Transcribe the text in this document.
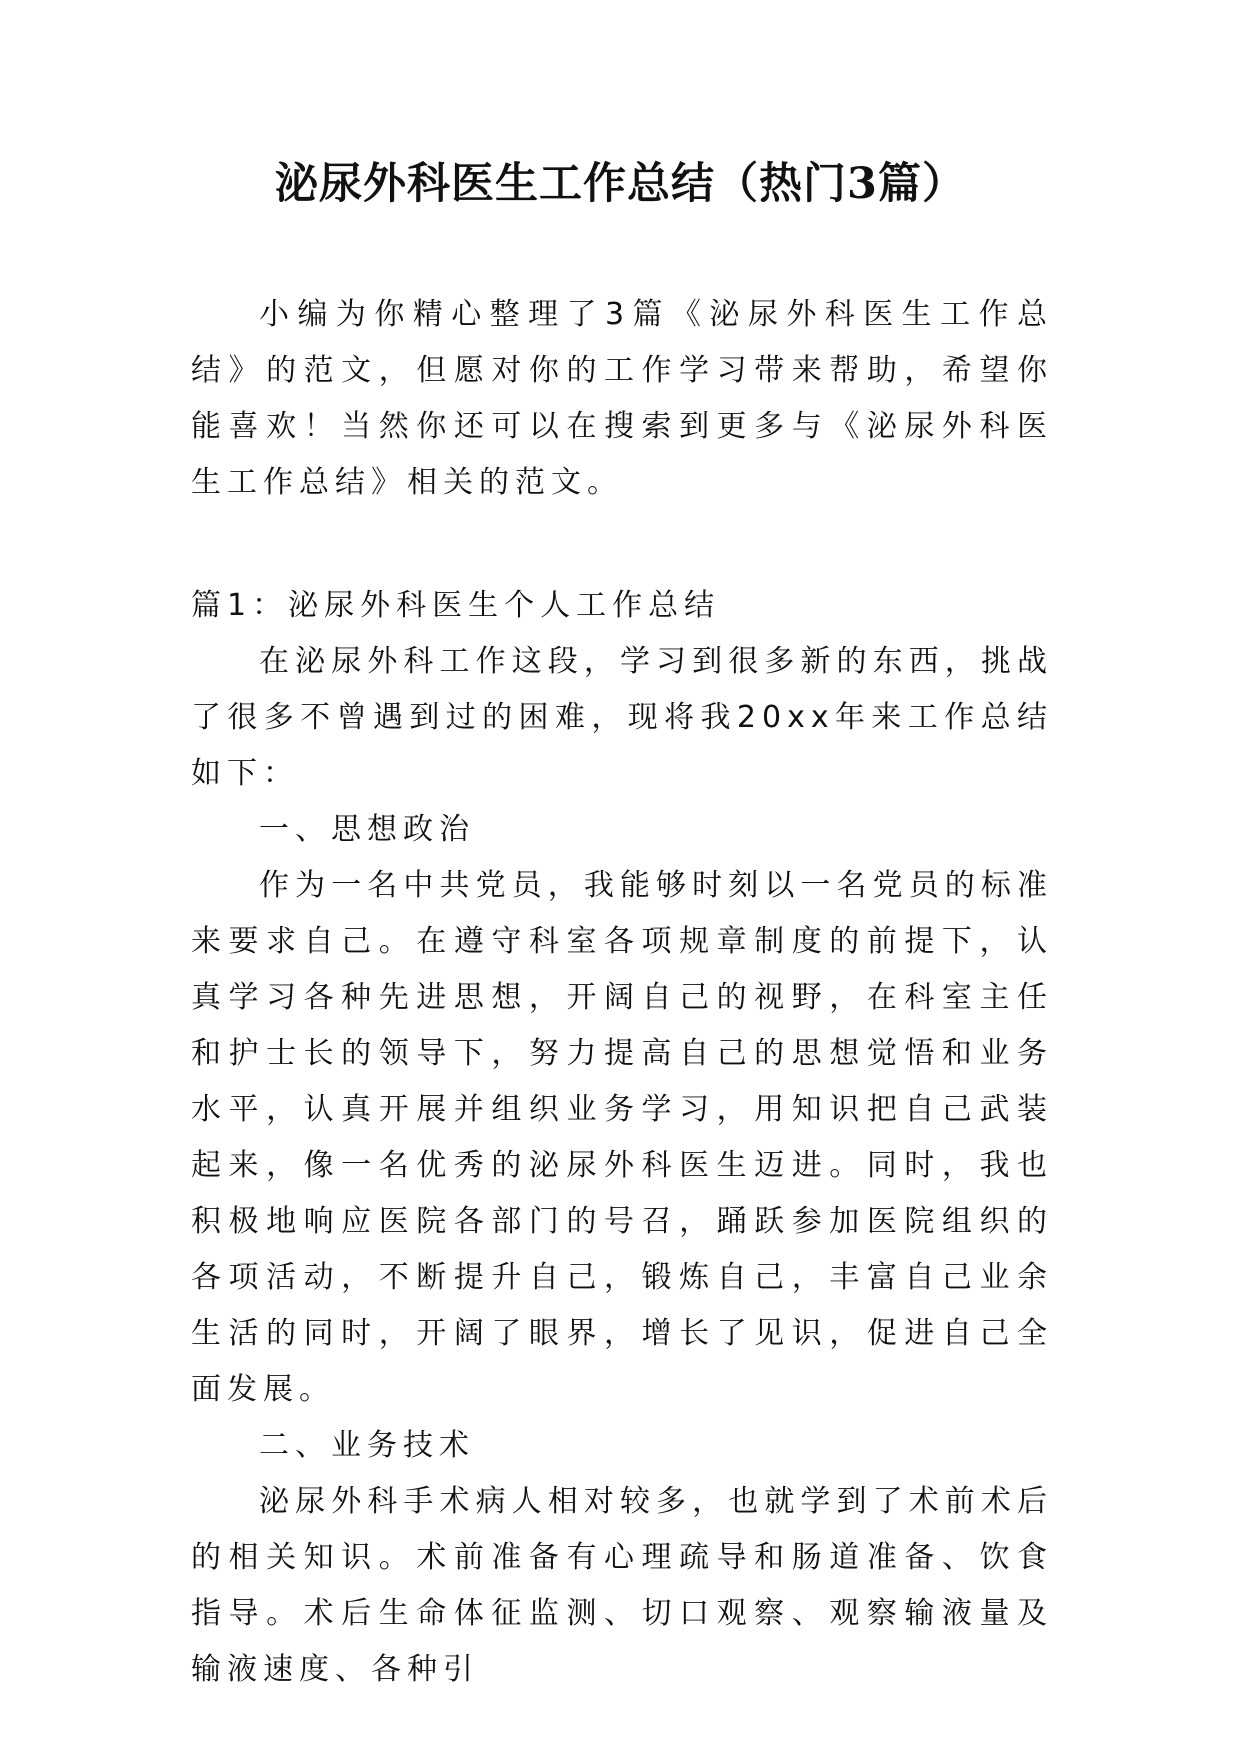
泌尿外科医生工作总结（热门3篇）

小编为你精心整理了3篇《泌尿外科医生工作总结》的范文，但愿对你的工作学习带来帮助，希望你能喜欢！当然你还可以在搜索到更多与《泌尿外科医生工作总结》相关的范文。

篇1：泌尿外科医生个人工作总结

在泌尿外科工作这段，学习到很多新的东西，挑战了很多不曾遇到过的困难，现将我20xx年来工作总结如下：

一、思想政治

作为一名中共党员，我能够时刻以一名党员的标准来要求自己。在遵守科室各项规章制度的前提下，认真学习各种先进思想，开阔自己的视野，在科室主任和护士长的领导下，努力提高自己的思想觉悟和业务水平，认真开展并组织业务学习，用知识把自己武装起来，像一名优秀的泌尿外科医生迈进。同时，我也积极地响应医院各部门的号召，踊跃参加医院组织的各项活动，不断提升自己，锻炼自己，丰富自己业余生活的同时，开阔了眼界，增长了见识，促进自己全面发展。

二、业务技术

泌尿外科手术病人相对较多，也就学到了术前术后的相关知识。术前准备有心理疏导和肠道准备、饮食指导。术后生命体征监测、切口观察、观察输液量及输液速度、各种引
